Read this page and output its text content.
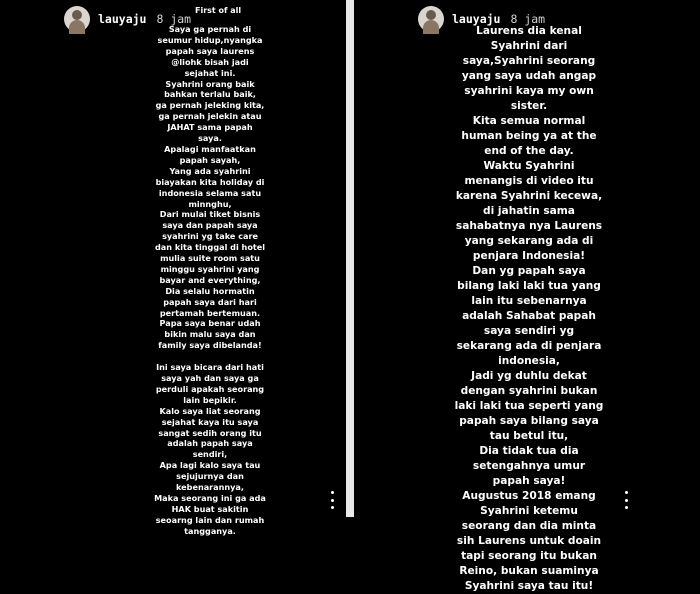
lauyaju 8 jam
First of all
Saya ga pernah di
seumur hidup,nyangka
papah saya laurens
@liohk bisah jadi
sejahat ini.
Syahrini orang baik
bahkan terlalu baik,
ga pernah jeleking kita,
ga pernah jelekin atau
JAHAT sama papah
saya.
Apalagi manfaatkan
papah sayah,
Yang ada syahrini
biayakan kita holiday di
indonesia selama satu
minnghu,
Dari mulai tiket bisnis
saya dan papah saya
syahrini yg take care
dan kita tinggal di hotel
mulia suite room satu
minggu syahrini yang
bayar and everything,
Dia selalu hormatin
papah saya dari hari
pertamah bertemuan.
Papa saya benar udah
bikin malu saya dan
family saya dibelanda!

Ini saya bicara dari hati
saya yah dan saya ga
perduli apakah seorang
lain bepikir.
Kalo saya liat seorang
sejahat kaya itu saya
sangat sedih orang itu
adalah papah saya
sendiri,
Apa lagi kalo saya tau
sejujurnya dan
kebenarannya,
Maka seorang ini ga ada
HAK buat sakitin
seoarng lain dan rumah
tangganya.
lauyaju 8 jam
Laurens dia kenal
Syahrini dari
saya,Syahrini seorang
yang saya udah angap
syahrini kaya my own
sister.
Kita semua normal
human being ya at the
end of the day.
Waktu Syahrini
menangis di video itu
karena Syahrini kecewa,
di jahatin sama
sahabatnya nya Laurens
yang sekarang ada di
penjara Indonesia!
Dan yg papah saya
bilang laki laki tua yang
lain itu sebenarnya
adalah Sahabat papah
saya sendiri yg
sekarang ada di penjara
indonesia,
Jadi yg duhlu dekat
dengan syahrini bukan
laki laki tua seperti yang
papah saya bilang saya
tau betul itu,
Dia tidak tua dia
setengahnya umur
papah saya!
Augustus 2018 emang
Syahrini ketemu
seorang dan dia minta
sih Laurens untuk doain
tapi seorang itu bukan
Reino, bukan suaminya
Syahrini saya tau itu!
